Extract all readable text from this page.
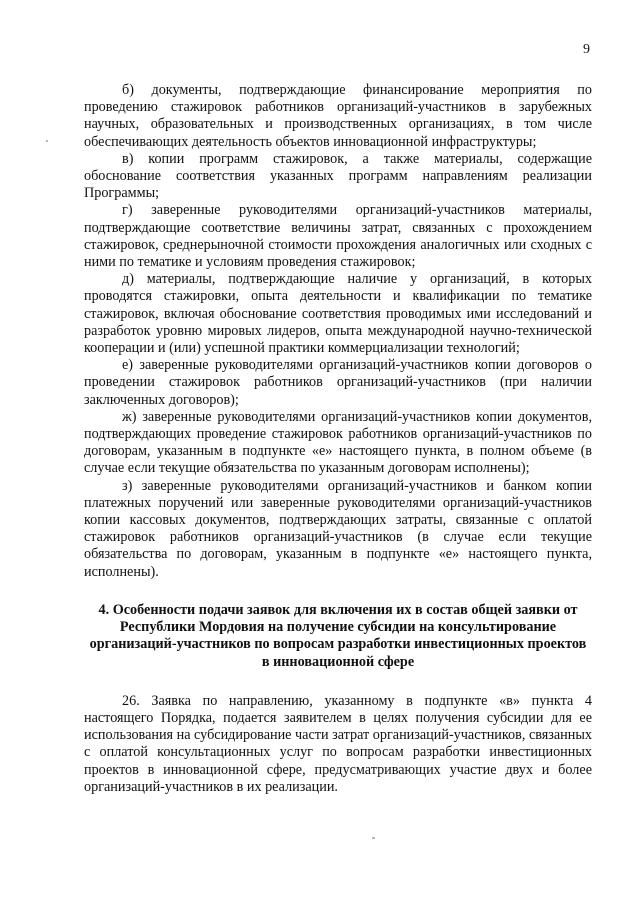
9

б) документы, подтверждающие финансирование мероприятия по проведению стажировок работников организаций-участников в зарубежных научных, образовательных и производственных организациях, в том числе обеспечивающих деятельность объектов инновационной инфраструктуры;

в) копии программ стажировок, а также материалы, содержащие обоснование соответствия указанных программ направлениям реализации Программы;

г) заверенные руководителями организаций-участников материалы, подтверждающие соответствие величины затрат, связанных с прохождением стажировок, среднерыночной стоимости прохождения аналогичных или сходных с ними по тематике и условиям проведения стажировок;

д) материалы, подтверждающие наличие у организаций, в которых проводятся стажировки, опыта деятельности и квалификации по тематике стажировок, включая обоснование соответствия проводимых ими исследований и разработок уровню мировых лидеров, опыта международной научно-технической кооперации и (или) успешной практики коммерциализации технологий;

е) заверенные руководителями организаций-участников копии договоров о проведении стажировок работников организаций-участников (при наличии заключенных договоров);

ж) заверенные руководителями организаций-участников копии документов, подтверждающих проведение стажировок работников организаций-участников по договорам, указанным в подпункте «е» настоящего пункта, в полном объеме (в случае если текущие обязательства по указанным договорам исполнены);

з) заверенные руководителями организаций-участников и банком копии платежных поручений или заверенные руководителями организаций-участников копии кассовых документов, подтверждающих затраты, связанные с оплатой стажировок работников организаций-участников (в случае если текущие обязательства по договорам, указанным в подпункте «е» настоящего пункта, исполнены).

4. Особенности подачи заявок для включения их в состав общей заявки от Республики Мордовия на получение субсидии на консультирование организаций-участников по вопросам разработки инвестиционных проектов в инновационной сфере

26. Заявка по направлению, указанному в подпункте «в» пункта 4 настоящего Порядка, подается заявителем в целях получения субсидии для ее использования на субсидирование части затрат организаций-участников, связанных с оплатой консультационных услуг по вопросам разработки инвестиционных проектов в инновационной сфере, предусматривающих участие двух и более организаций-участников в их реализации.
